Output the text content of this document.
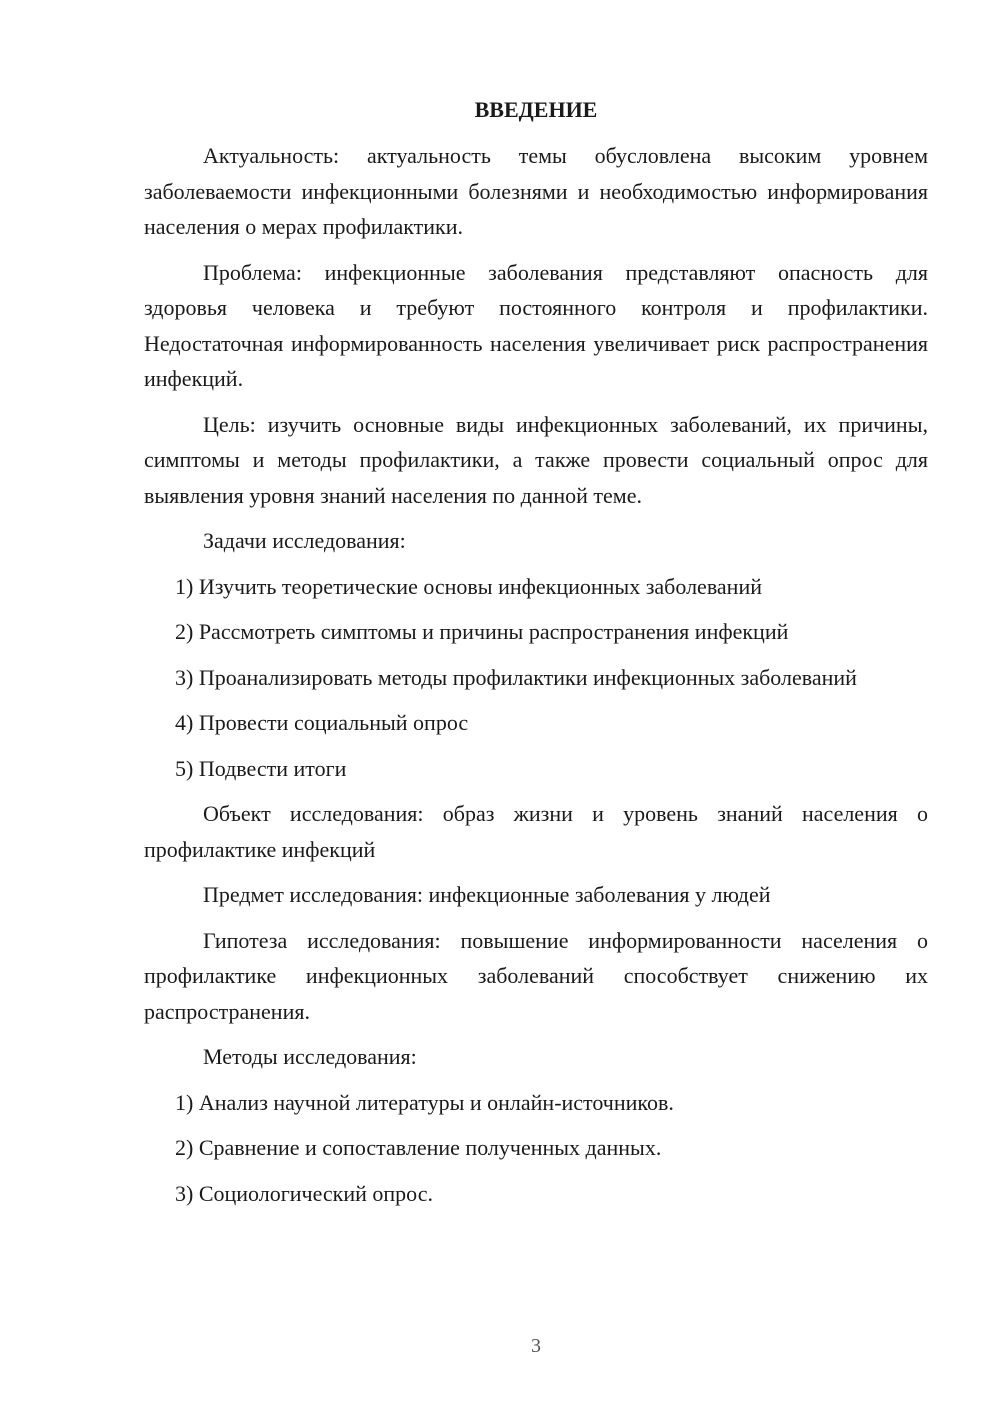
ВВЕДЕНИЕ

Актуальность: актуальность темы обусловлена высоким уровнем заболеваемости инфекционными болезнями и необходимостью информирования населения о мерах профилактики.

Проблема: инфекционные заболевания представляют опасность для здоровья человека и требуют постоянного контроля и профилактики. Недостаточная информированность населения увеличивает риск распространения инфекций.

Цель: изучить основные виды инфекционных заболеваний, их причины, симптомы и методы профилактики, а также провести социальный опрос для выявления уровня знаний населения по данной теме.

Задачи исследования:

1) Изучить теоретические основы инфекционных заболеваний

2) Рассмотреть симптомы и причины распространения инфекций

3) Проанализировать методы профилактики инфекционных заболеваний

4) Провести социальный опрос

5) Подвести итоги

Объект исследования: образ жизни и уровень знаний населения о профилактике инфекций

Предмет исследования: инфекционные заболевания у людей

Гипотеза исследования: повышение информированности населения о профилактике инфекционных заболеваний способствует снижению их распространения.

Методы исследования:

1) Анализ научной литературы и онлайн-источников.

2) Сравнение и сопоставление полученных данных.

3) Социологический опрос.

3
